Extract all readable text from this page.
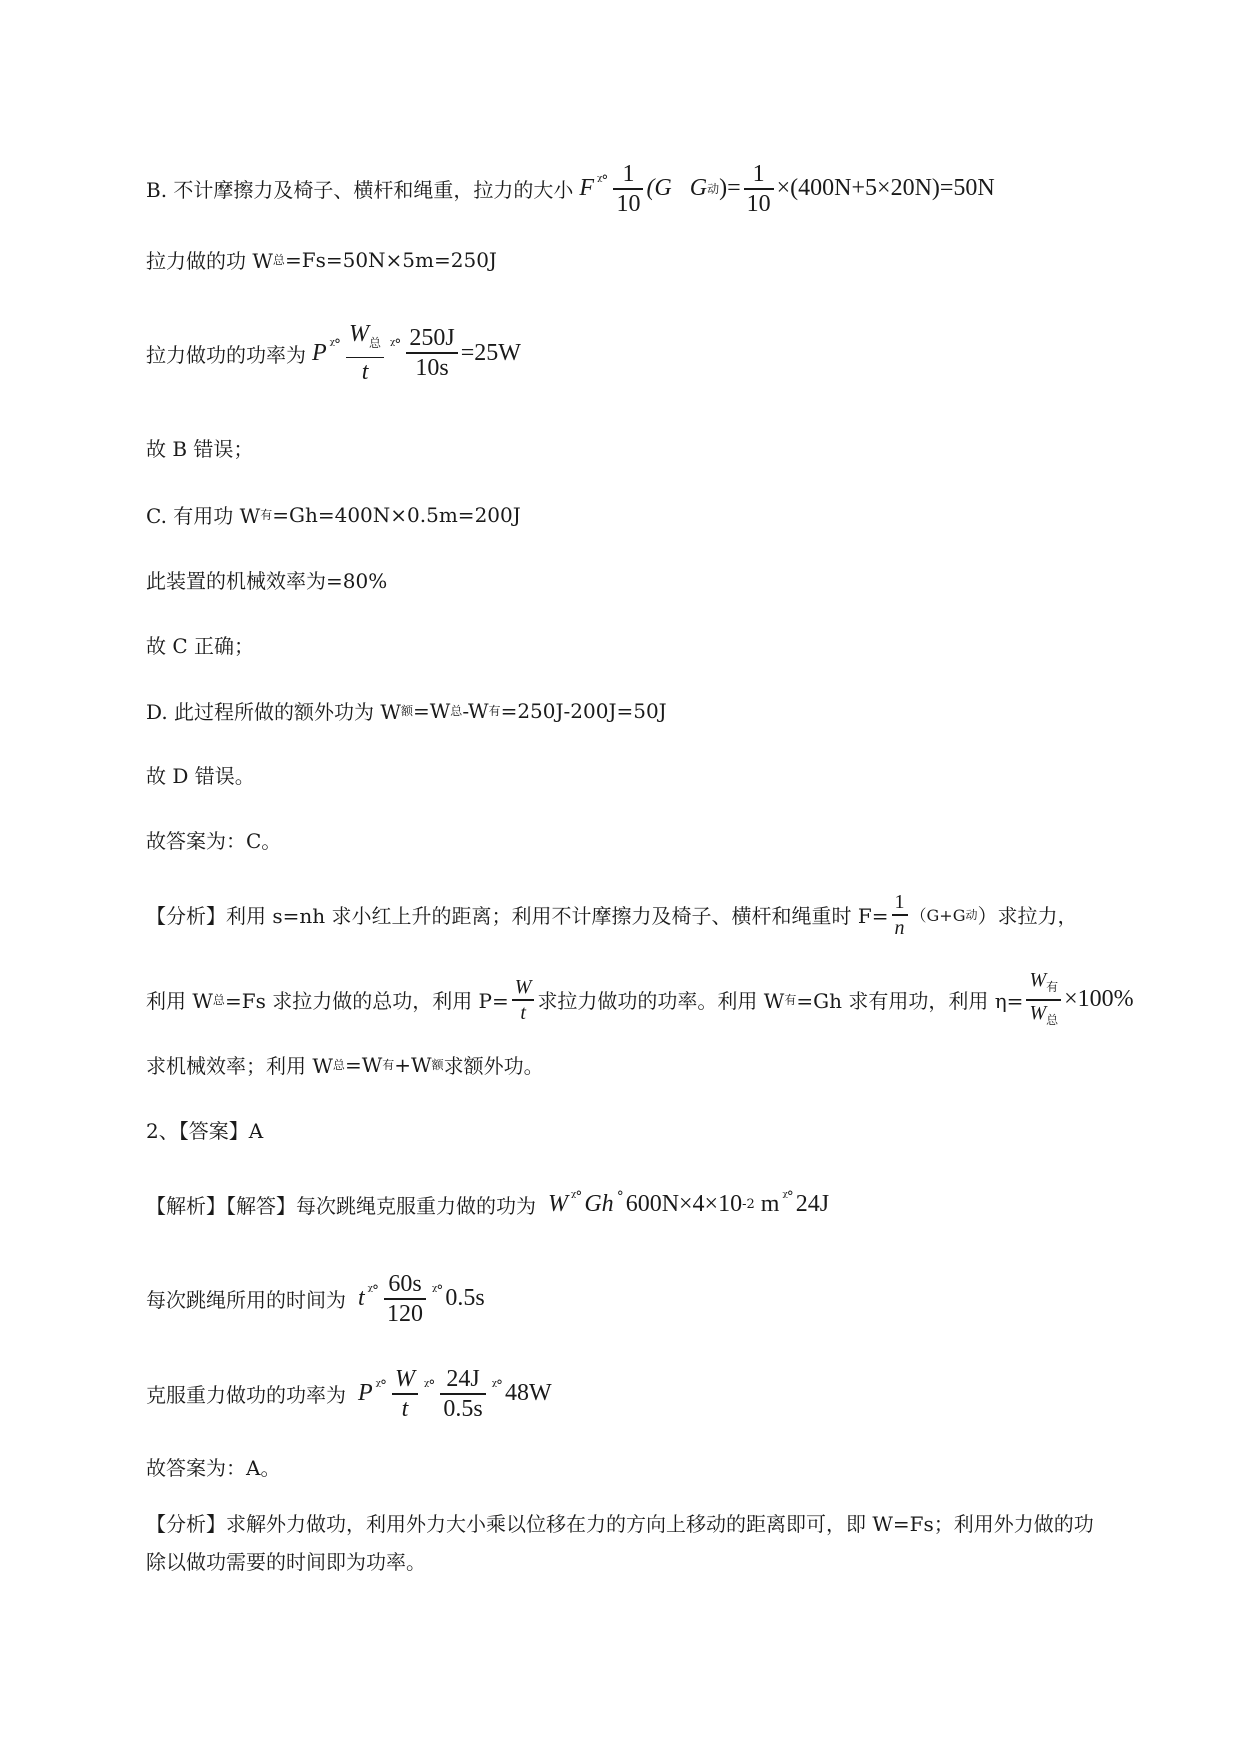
B. 不计摩擦力及椅子、横杆和绳重，拉力的大小 F ᵡ° $\frac{1}{10} (G$   G 动 )= $\frac{1}{10} \times(400N+5\times 20N)=50N$
拉力做的功 W 总 =Fs=50N×5m=250J
拉力做功的功率为 P ᵡ° $\frac{W_总}{t}$ ᵡ° $\frac{250J}{10s} =25W$
故 B 错误；
C. 有用功 W 有 =Gh=400N×0.5m=200J
此装置的机械效率为=80%
故 C 正确；
D. 此过程所做的额外功为 W 额 =W 总 -W 有 =250J-200J=50J
故 D 错误。
故答案为：C。
【分析】利用 s=nh 求小红上升的距离；利用不计摩擦力及椅子、横杆和绳重时 $F= \frac{1}{n} (G+G$ 动 ）求拉力，
利用 W 总 =Fs 求拉力做的总功，利用 $P= \frac{W}{t}$ 求拉力做功的功率。利用 W 有 =Gh 求有用功，利用 $\eta= \frac{W_有}{W_总} \times 100\%$
求机械效率；利用 W 总 =W 有 +W 额 求额外功。
2、【答案】A
【解析】【解答】每次跳绳克服重力做的功为 W ᵡ° Gh ° 600N×4×10 -2 m ᵡ° 24J
每次跳绳所用的时间为 t ᵡ° $\frac{60s}{120}$ ᵡ° 0.5s
克服重力做功的功率为 P ᵡ° $\frac{W}{t}$ ᵡ° $\frac{24J}{0.5s}$ ᵡ° 48W
故答案为：A。
【分析】求解外力做功，利用外力大小乘以位移在力的方向上移动的距离即可，即 W=Fs；利用外力做的功除以做功需要的时间即为功率。
